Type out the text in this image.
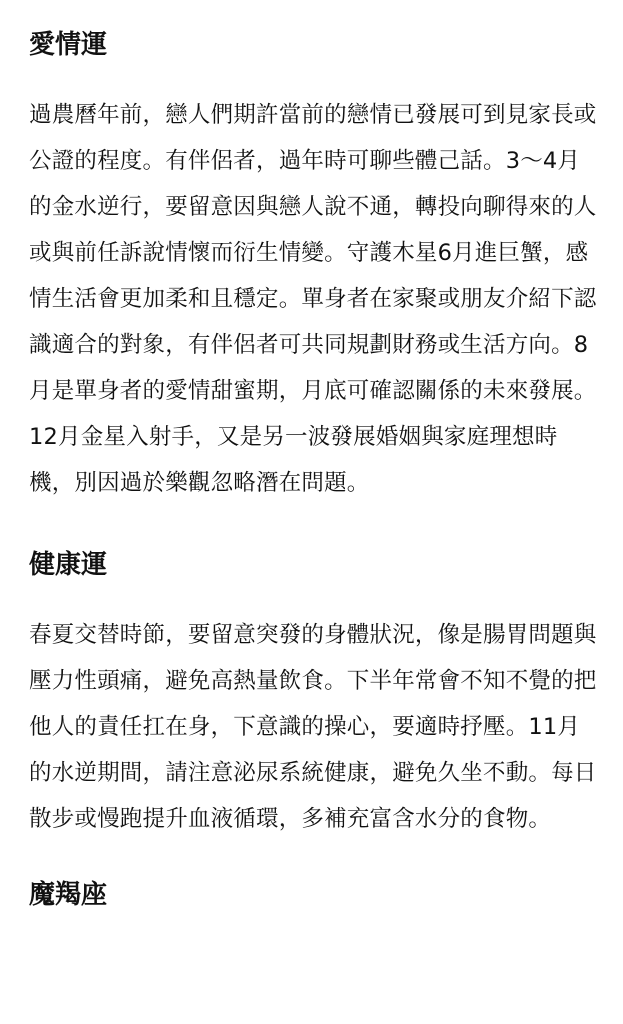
愛情運

過農曆年前，戀人們期許當前的戀情已發展可到見家長或公證的程度。有伴侶者，過年時可聊些體己話。3～4月的金水逆行，要留意因與戀人說不通，轉投向聊得來的人或與前任訴說情懷而衍生情變。守護木星6月進巨蟹，感情生活會更加柔和且穩定。單身者在家聚或朋友介紹下認識適合的對象，有伴侶者可共同規劃財務或生活方向。8月是單身者的愛情甜蜜期，月底可確認關係的未來發展。12月金星入射手，又是另一波發展婚姻與家庭理想時機，別因過於樂觀忽略潛在問題。

健康運

春夏交替時節，要留意突發的身體狀況，像是腸胃問題與壓力性頭痛，避免高熱量飲食。下半年常會不知不覺的把他人的責任扛在身，下意識的操心，要適時抒壓。11月的水逆期間，請注意泌尿系統健康，避免久坐不動。每日散步或慢跑提升血液循環，多補充富含水分的食物。

魔羯座
